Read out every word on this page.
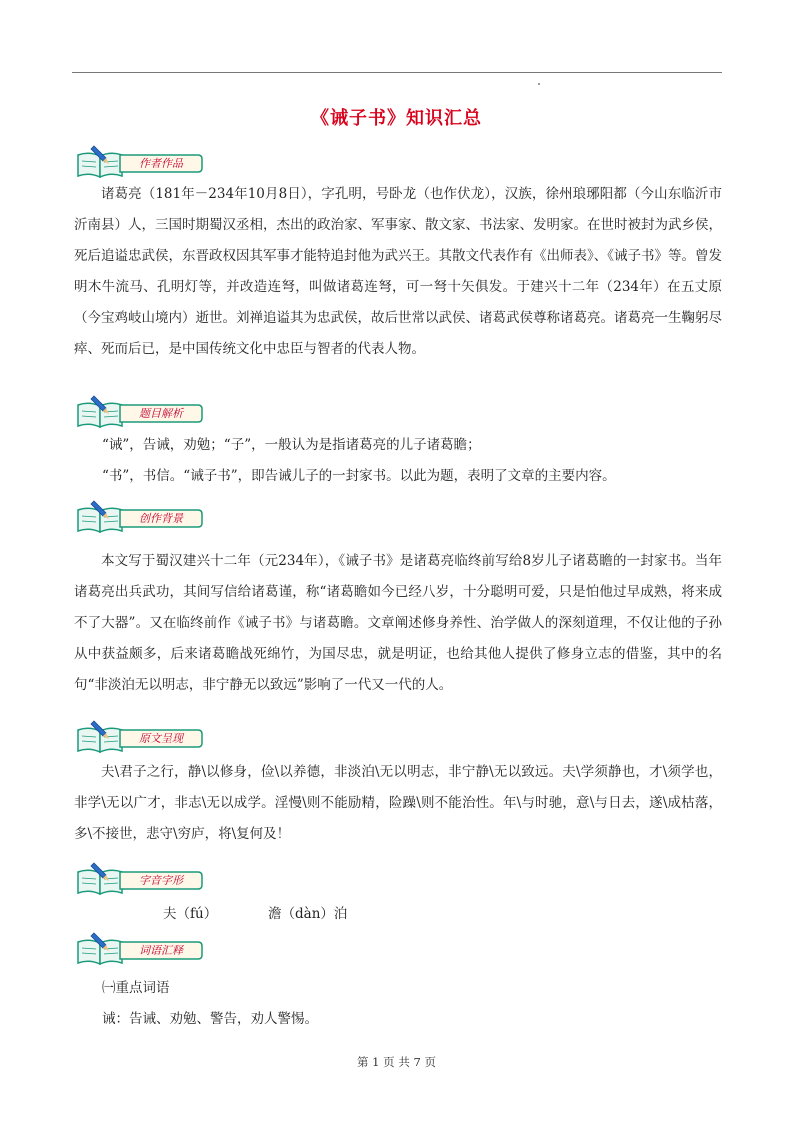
《诫子书》知识汇总
作者作品

诸葛亮（181年－234年10月8日），字孔明，号卧龙（也作伏龙），汉族，徐州琅琊阳都（今山东临沂市沂南县）人，三国时期蜀汉丞相，杰出的政治家、军事家、散文家、书法家、发明家。在世时被封为武乡侯，死后追谥忠武侯，东晋政权因其军事才能特追封他为武兴王。其散文代表作有《出师表》、《诫子书》等。曾发明木牛流马、孔明灯等，并改造连弩，叫做诸葛连弩，可一弩十矢俱发。于建兴十二年（234年）在五丈原（今宝鸡岐山境内）逝世。刘禅追谥其为忠武侯，故后世常以武侯、诸葛武侯尊称诸葛亮。诸葛亮一生鞠躬尽瘁、死而后已，是中国传统文化中忠臣与智者的代表人物。

题目解析
“诫”，告诫，劝勉；“子”，一般认为是指诸葛亮的儿子诸葛瞻；
“书”，书信。“诫子书”，即告诫儿子的一封家书。以此为题，表明了文章的主要内容。
创作背景

本文写于蜀汉建兴十二年（元234年），《诫子书》是诸葛亮临终前写给8岁儿子诸葛瞻的一封家书。当年诸葛亮出兵武功，其间写信给诸葛谨，称“诸葛瞻如今已经八岁，十分聪明可爱，只是怕他过早成熟，将来成不了大器”。又在临终前作《诫子书》与诸葛瞻。文章阐述修身养性、治学做人的深刻道理，不仅让他的子孙从中获益颇多，后来诸葛瞻战死绵竹，为国尽忠，就是明证，也给其他人提供了修身立志的借鉴，其中的名句“非淡泊无以明志，非宁静无以致远”影响了一代又一代的人。

原文呈现

夫\君子之行，静\以修身，俭\以养德，非淡泊\无以明志，非宁静\无以致远。夫\学须静也，才\须学也，非学\无以广才，非志\无以成学。淫慢\则不能励精，险躁\则不能治性。年\与时驰，意\与日去，遂\成枯落，多\不接世，悲守\穷庐，将\复何及！

字音字形
夫（fú）	澹（dàn）泊
词语汇释
㈠重点词语
诫：告诫、劝勉、警告，劝人警惕。
第 1 页 共 7 页
